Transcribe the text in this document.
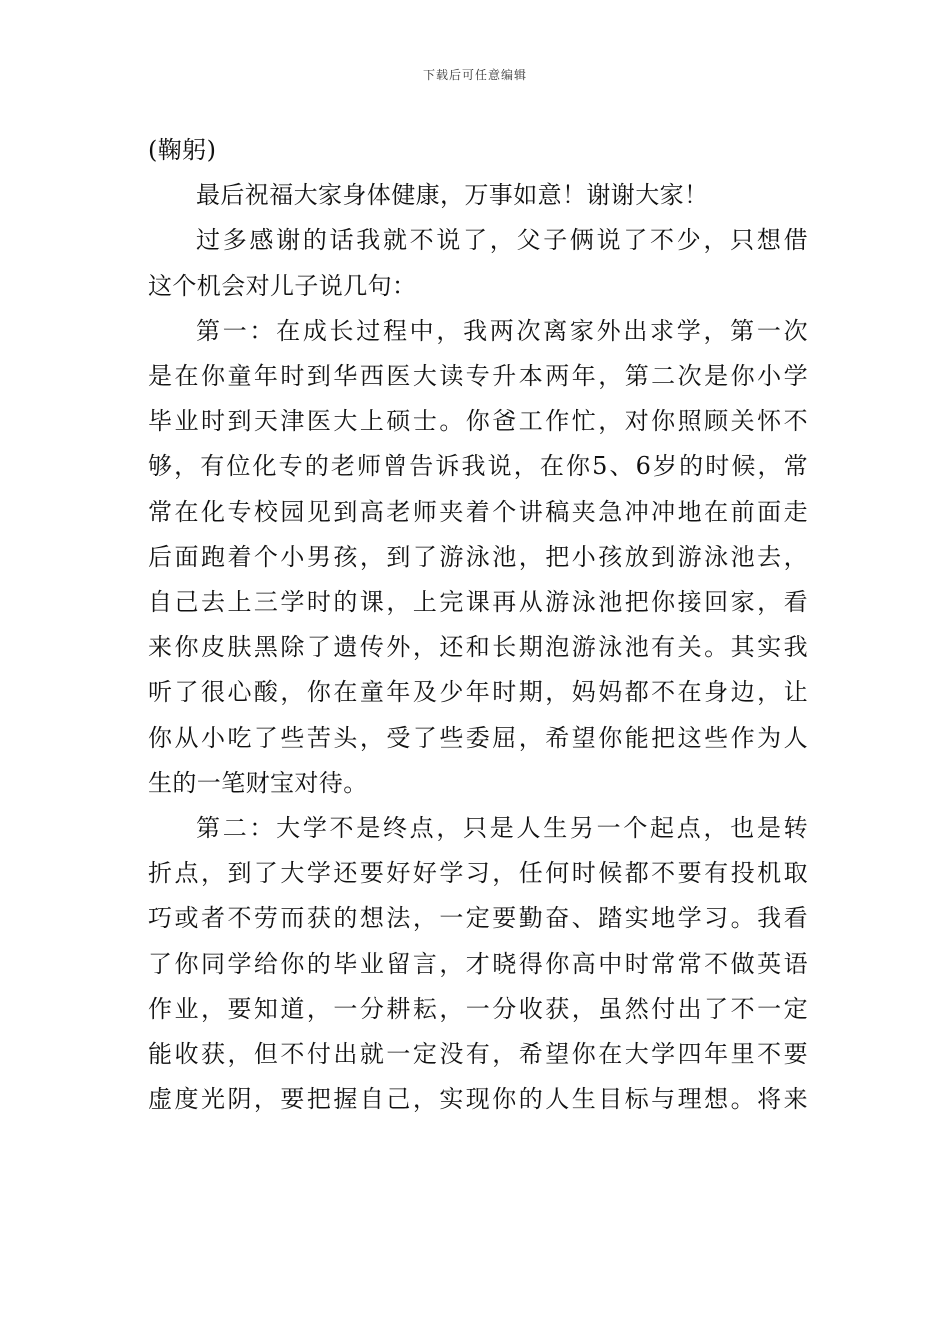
下载后可任意编辑

(鞠躬)

最后祝福大家身体健康，万事如意！谢谢大家！

过多感谢的话我就不说了，父子俩说了不少，只想借
这个机会对儿子说几句：

第一：在成长过程中，我两次离家外出求学，第一次
是在你童年时到华西医大读专升本两年，第二次是你小学
毕业时到天津医大上硕士。你爸工作忙，对你照顾关怀不
够，有位化专的老师曾告诉我说，在你5、6岁的时候，常
常在化专校园见到高老师夹着个讲稿夹急冲冲地在前面走
后面跑着个小男孩，到了游泳池，把小孩放到游泳池去，
自己去上三学时的课，上完课再从游泳池把你接回家，看
来你皮肤黑除了遗传外，还和长期泡游泳池有关。其实我
听了很心酸，你在童年及少年时期，妈妈都不在身边，让
你从小吃了些苦头，受了些委屈，希望你能把这些作为人
生的一笔财宝对待。

第二：大学不是终点，只是人生另一个起点，也是转
折点，到了大学还要好好学习，任何时候都不要有投机取
巧或者不劳而获的想法，一定要勤奋、踏实地学习。我看
了你同学给你的毕业留言，才晓得你高中时常常不做英语
作业，要知道，一分耕耘，一分收获，虽然付出了不一定
能收获，但不付出就一定没有，希望你在大学四年里不要
虚度光阴，要把握自己，实现你的人生目标与理想。将来
